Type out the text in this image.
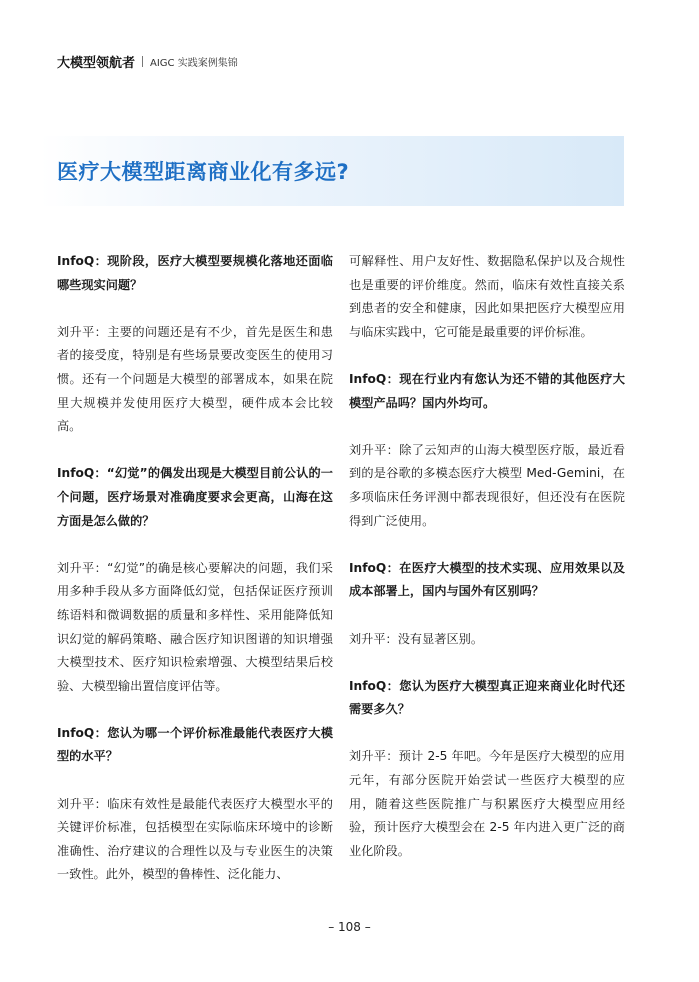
大模型领航者 AIGC 实践案例集锦
医疗大模型距离商业化有多远?

InfoQ：现阶段，医疗大模型要规模化落地还面临哪些现实问题？

刘升平：主要的问题还是有不少，首先是医生和患者的接受度，特别是有些场景要改变医生的使用习惯。还有一个问题是大模型的部署成本，如果在院里大规模并发使用医疗大模型，硬件成本会比较高。

InfoQ：“幻觉”的偶发出现是大模型目前公认的一个问题，医疗场景对准确度要求会更高，山海在这方面是怎么做的？

刘升平：“幻觉”的确是核心要解决的问题，我们采用多种手段从多方面降低幻觉，包括保证医疗预训练语料和微调数据的质量和多样性、采用能降低知识幻觉的解码策略、融合医疗知识图谱的知识增强大模型技术、医疗知识检索增强、大模型结果后校验、大模型输出置信度评估等。

InfoQ：您认为哪一个评价标准最能代表医疗大模型的水平？

刘升平：临床有效性是最能代表医疗大模型水平的关键评价标准，包括模型在实际临床环境中的诊断准确性、治疗建议的合理性以及与专业医生的决策一致性。此外，模型的鲁棒性、泛化能力、

可解释性、用户友好性、数据隐私保护以及合规性也是重要的评价维度。然而，临床有效性直接关系到患者的安全和健康，因此如果把医疗大模型应用与临床实践中，它可能是最重要的评价标准。

InfoQ：现在行业内有您认为还不错的其他医疗大模型产品吗？国内外均可。

刘升平：除了云知声的山海大模型医疗版，最近看到的是谷歌的多模态医疗大模型 Med-Gemini，在多项临床任务评测中都表现很好，但还没有在医院得到广泛使用。

InfoQ：在医疗大模型的技术实现、应用效果以及成本部署上，国内与国外有区别吗？

刘升平：没有显著区别。

InfoQ：您认为医疗大模型真正迎来商业化时代还需要多久？

刘升平：预计 2-5 年吧。今年是医疗大模型的应用元年，有部分医院开始尝试一些医疗大模型的应用，随着这些医院推广与积累医疗大模型应用经验，预计医疗大模型会在 2-5 年内进入更广泛的商业化阶段。

– 108 –
